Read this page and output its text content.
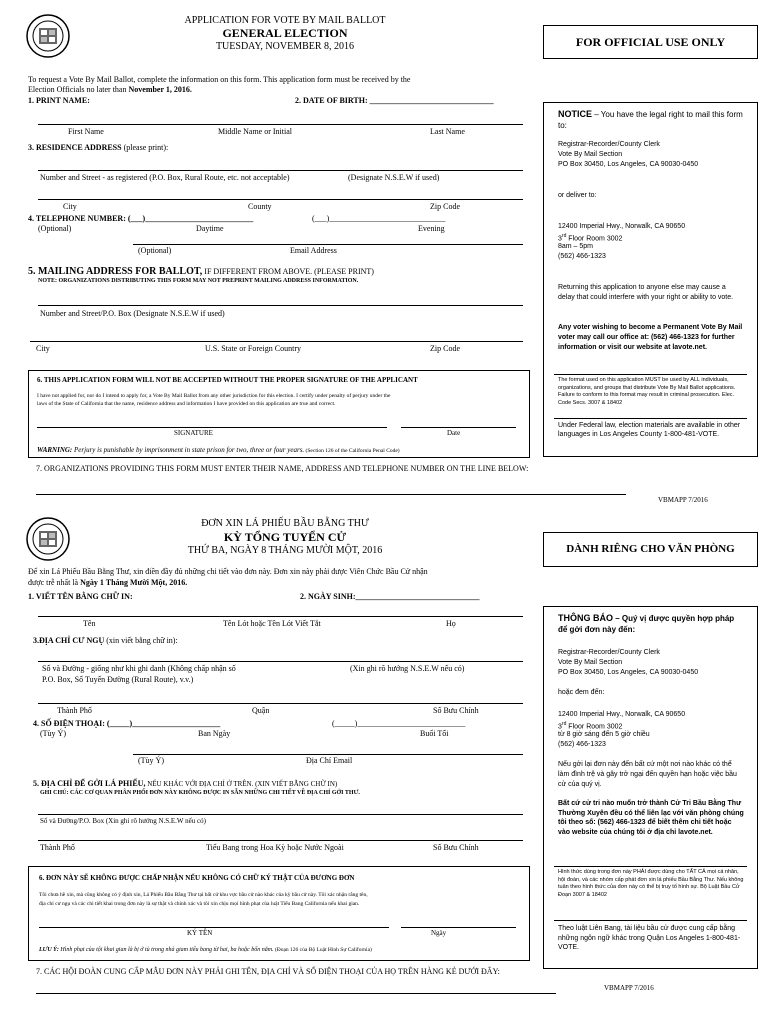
APPLICATION FOR VOTE BY MAIL BALLOT
GENERAL ELECTION
TUESDAY, NOVEMBER 8, 2016	FOR OFFICIAL USE ONLY
To request a Vote By Mail Ballot, complete the information on this form. This application form must be received by the
Election Officials no later than November 1, 2016.
1. PRINT NAME:	2. DATE OF BIRTH: _______________________________
First Name	Middle Name or Initial	Last Name
3. RESIDENCE ADDRESS (please print):
Number and Street - as registered (P.O. Box, Rural Route, etc. not acceptable)	(Designate N.S.E.W if used)
City	County	Zip Code
4. TELEPHONE NUMBER: (___)___________________________	(___)_____________________________
(Optional)	Daytime	Evening
(Optional)	Email Address
5. MAILING ADDRESS FOR BALLOT, IF DIFFERENT FROM ABOVE. (PLEASE PRINT)
NOTE: ORGANIZATIONS DISTRIBUTING THIS FORM MAY NOT PREPRINT MAILING ADDRESS INFORMATION.
Number and Street/P.O. Box (Designate N.S.E.W if used)
City	U.S. State or Foreign Country	Zip Code
6. THIS APPLICATION FORM WILL NOT BE ACCEPTED WITHOUT THE PROPER SIGNATURE OF THE APPLICANT
I have not applied for, nor do I intend to apply for, a Vote By Mail Ballot from any other jurisdiction for this election. I certify under penalty of perjury under the
laws of the State of California that the name, residence address and information I have provided on this application are true and correct.
SIGNATURE	Date
WARNING: Perjury is punishable by imprisonment in state prison for two, three or four years. (Section 126 of the California Penal Code)
7. ORGANIZATIONS PROVIDING THIS FORM MUST ENTER THEIR NAME, ADDRESS AND TELEPHONE NUMBER ON THE LINE BELOW:
VBMAPP 7/2016
NOTICE – You have the legal right to mail this form to:
Registrar-Recorder/County Clerk
Vote By Mail Section
PO Box 30450, Los Angeles, CA 90030-0450
or deliver to:
12400 Imperial Hwy., Norwalk, CA 90650
3rd Floor Room 3002
8am – 5pm
(562) 466-1323
Returning this application to anyone else may cause a delay that could interfere with your right or ability to vote.
Any voter wishing to become a Permanent Vote By Mail voter may call our office at: (562) 466-1323 for further information or visit our website at lavote.net.
The format used on this application MUST be used by ALL individuals, organizations, and groups that distribute Vote By Mail Ballot applications. Failure to conform to this format may result in criminal prosecution. Elec. Code Secs. 3007 & 18402
Under Federal law, election materials are available in other languages in Los Angeles County 1-800-481-VOTE.
ĐƠN XIN LÁ PHIẾU BẦU BẰNG THƯ
KỲ TỔNG TUYỂN CỬ
THỨ BA, NGÀY 8 THÁNG MƯỜI MỘT, 2016	DÀNH RIÊNG CHO VĂN PHÒNG
Để xin Lá Phiếu Bầu Bằng Thư, xin điền đầy đủ những chi tiết vào đơn này. Đơn xin này phải được Viên Chức Bầu Cử nhận
được trễ nhất là Ngày 1 Tháng Mười Một, 2016.
1. VIẾT TÊN BẰNG CHỮ IN:	2. NGÀY SINH:_______________________________
Tên	Tên Lót hoặc Tên Lót Viết Tắt	Họ
3.ĐỊA CHỈ CƯ NGỤ (xin viết bằng chữ in):
Số và Đường - giống như khi ghi danh (Không chấp nhận số
P.O. Box, Số Tuyến Đường (Rural Route), v.v.)
(Xin ghi rõ hướng N.S.E.W nếu có)
Thành Phố	Quận	Số Bưu Chính
4. SỐ ĐIỆN THOẠI: (_____)______________________	(_____)___________________________
(Tùy Ý)	Ban Ngày	Buổi Tối
(Tùy Ý)	Địa Chỉ Email
5. ĐỊA CHỈ ĐỂ GỞI LÁ PHIẾU, NẾU KHÁC VỚI ĐỊA CHỈ Ở TRÊN. (XIN VIẾT BẰNG CHỮ IN)
GHI CHÚ: CÁC CƠ QUAN PHÂN PHỐI ĐƠN NÀY KHÔNG ĐƯỢC IN SẴN NHỮNG CHI TIẾT VỀ ĐỊA CHỈ GỞI THƯ.
Số và Đường/P.O. Box (Xin ghi rõ hướng N.S.E.W nếu có)
Thành Phố	Tiểu Bang trong Hoa Kỳ hoặc Nước Ngoài	Số Bưu Chính
6. ĐƠN NÀY SẼ KHÔNG ĐƯỢC CHẤP NHẬN NẾU KHÔNG CÓ CHỮ KÝ THẬT CỦA ĐƯƠNG ĐƠN
Tôi chưa hề xin, mà cũng không có ý định xin, Lá Phiếu Bầu Bằng Thư tại bất cứ khu vực bầu cử nào khác của kỳ bầu cử này. Tôi xác nhận rằng tên,
địa chỉ cư ngụ và các chi tiết khai trong đơn này là sự thật và chính xác và tôi xin chịu mọi hình phạt của luật Tiểu Bang California nếu khai gian.
KÝ TÊN	Ngày
LƯU Ý: Hình phạt của tội khai gian là bị ở tù trong nhà giam tiểu bang từ hai, ba hoặc bốn năm. (Đoạn 126 của Bộ Luật Hình Sự California)
7. CÁC HỘI ĐOÀN CUNG CẤP MẪU ĐƠN NÀY PHẢI GHI TÊN, ĐỊA CHỈ VÀ SỐ ĐIỆN THOẠI CỦA HỌ TRÊN HÀNG KẺ DƯỚI ĐÂY:
VBMAPP 7/2016
THÔNG BÁO – Quý vị được quyền hợp pháp để gởi đơn này đến:
Registrar-Recorder/County Clerk
Vote By Mail Section
PO Box 30450, Los Angeles, CA 90030-0450
hoặc đem đến:
12400 Imperial Hwy., Norwalk, CA 90650
3rd Floor Room 3002
từ 8 giờ sáng đến 5 giờ chiều
(562) 466-1323
Nếu gởi lại đơn này đến bất cứ một nơi nào khác có thể làm đình trệ và gây trở ngại đến quyền hạn hoặc việc bầu cử của quý vị.
Bất cứ cử tri nào muốn trở thành Cử Tri Bầu Bằng Thư Thường Xuyên đều có thể liên lạc với văn phòng chúng tôi theo số: (562) 466-1323 để biết thêm chi tiết hoặc vào website của chúng tôi ở địa chỉ lavote.net.
Hình thức dùng trong đơn này PHẢI được dùng cho TẤT CẢ mọi cá nhân, hội đoàn, và các nhóm cấp phát đơn xin lá phiếu Bầu Bằng Thư. Nếu không tuân theo hình thức của đơn này có thể bị truy tố hình sự. Bộ Luật Bầu Cử Đoạn 3007 & 18402
Theo luật Liên Bang, tài liệu bầu cử được cung cấp bằng những ngôn ngữ khác trong Quận Los Angeles 1-800-481-VOTE.
